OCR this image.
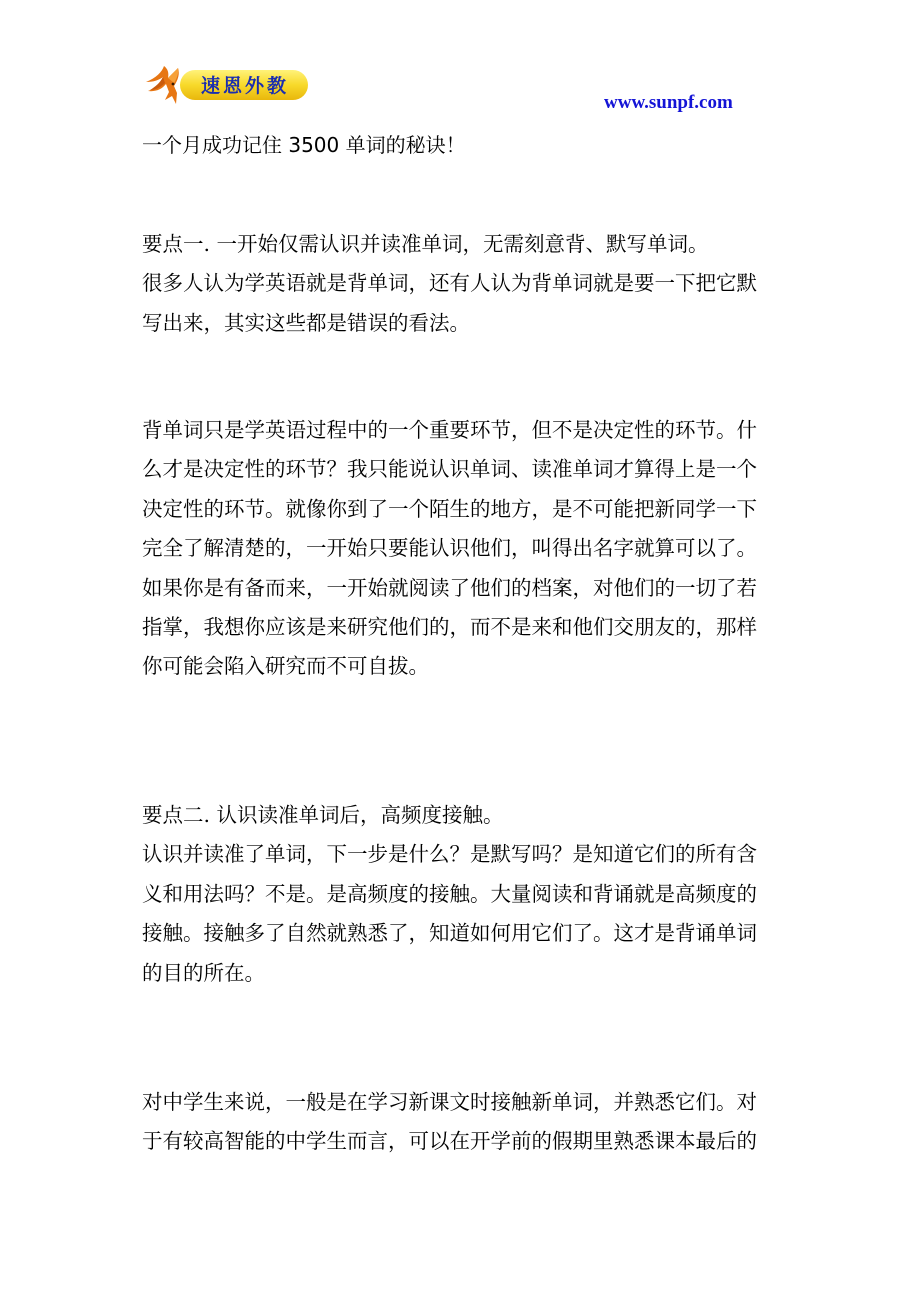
速恩外教
www.sunpf.com
一个月成功记住 3500 单词的秘诀！

要点一. 一开始仅需认识并读准单词，无需刻意背、默写单词。
很多人认为学英语就是背单词，还有人认为背单词就是要一下把它默
写出来，其实这些都是错误的看法。

背单词只是学英语过程中的一个重要环节，但不是决定性的环节。什
么才是决定性的环节？我只能说认识单词、读准单词才算得上是一个
决定性的环节。就像你到了一个陌生的地方，是不可能把新同学一下
完全了解清楚的，一开始只要能认识他们，叫得出名字就算可以了。
如果你是有备而来，一开始就阅读了他们的档案，对他们的一切了若
指掌，我想你应该是来研究他们的，而不是来和他们交朋友的，那样
你可能会陷入研究而不可自拔。

要点二. 认识读准单词后，高频度接触。
认识并读准了单词，下一步是什么？是默写吗？是知道它们的所有含
义和用法吗？不是。是高频度的接触。大量阅读和背诵就是高频度的
接触。接触多了自然就熟悉了，知道如何用它们了。这才是背诵单词
的目的所在。

对中学生来说，一般是在学习新课文时接触新单词，并熟悉它们。对
于有较高智能的中学生而言，可以在开学前的假期里熟悉课本最后的
